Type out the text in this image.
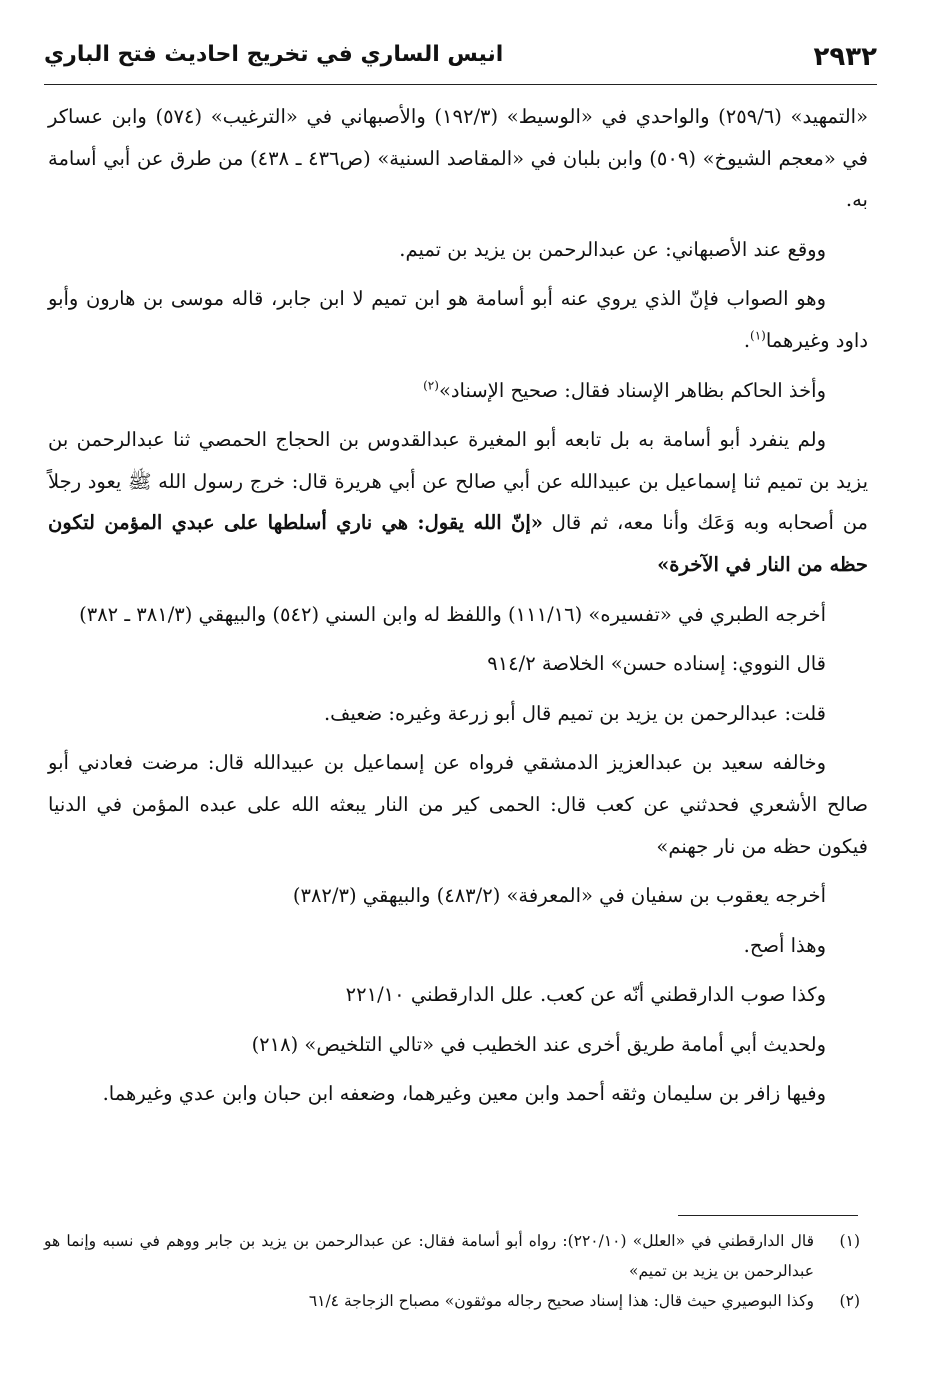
٢٩٣٢
انيس الساري في تخريج احاديث فتح الباري

«التمهيد» (٢٥٩/٦) والواحدي في «الوسيط» (١٩٢/٣) والأصبهاني في «الترغيب» (٥٧٤) وابن عساكر في «معجم الشيوخ» (٥٠٩) وابن بلبان في «المقاصد السنية» (ص٤٣٦ ـ ٤٣٨) من طرق عن أبي أسامة به.

ووقع عند الأصبهاني: عن عبدالرحمن بن يزيد بن تميم.

وهو الصواب فإنّ الذي يروي عنه أبو أسامة هو ابن تميم لا ابن جابر، قاله موسى بن هارون وأبو داود وغيرهما$^{(١)}$.

وأخذ الحاكم بظاهر الإسناد فقال: صحيح الإسناد»$^{(٢)}$

ولم ينفرد أبو أسامة به بل تابعه أبو المغيرة عبدالقدوس بن الحجاج الحمصي ثنا عبدالرحمن بن يزيد بن تميم ثنا إسماعيل بن عبيدالله عن أبي صالح عن أبي هريرة قال: خرج رسول الله ﷺ يعود رجلاً من أصحابه وبه وَعَك وأنا معه، ثم قال «إنّ الله يقول: هي ناري أسلطها على عبدي المؤمن لتكون حظه من النار في الآخرة»

أخرجه الطبري في «تفسيره» (١١١/١٦) واللفظ له وابن السني (٥٤٢) والبيهقي (٣٨١/٣ ـ ٣٨٢)

قال النووي: إسناده حسن» الخلاصة ٩١٤/٢

قلت: عبدالرحمن بن يزيد بن تميم قال أبو زرعة وغيره: ضعيف.

وخالفه سعيد بن عبدالعزيز الدمشقي فرواه عن إسماعيل بن عبيدالله قال: مرضت فعادني أبو صالح الأشعري فحدثني عن كعب قال: الحمى كير من النار يبعثه الله على عبده المؤمن في الدنيا فيكون حظه من نار جهنم»

أخرجه يعقوب بن سفيان في «المعرفة» (٤٨٣/٢) والبيهقي (٣٨٢/٣)

وهذا أصح.

وكذا صوب الدارقطني أنّه عن كعب. علل الدارقطني ٢٢١/١٠

ولحديث أبي أمامة طريق أخرى عند الخطيب في «تالي التلخيص» (٢١٨)

وفيها زافر بن سليمان وثقه أحمد وابن معين وغيرهما، وضعفه ابن حبان وابن عدي وغيرهما.

(١)
قال الدارقطني في «العلل» (٢٢٠/١٠): رواه أبو أسامة فقال: عن عبدالرحمن بن يزيد بن جابر ووهم في نسبه وإنما هو عبدالرحمن بن يزيد بن تميم»
(٢)
وكذا البوصيري حيث قال: هذا إسناد صحيح رجاله موثقون» مصباح الزجاجة ٦١/٤
